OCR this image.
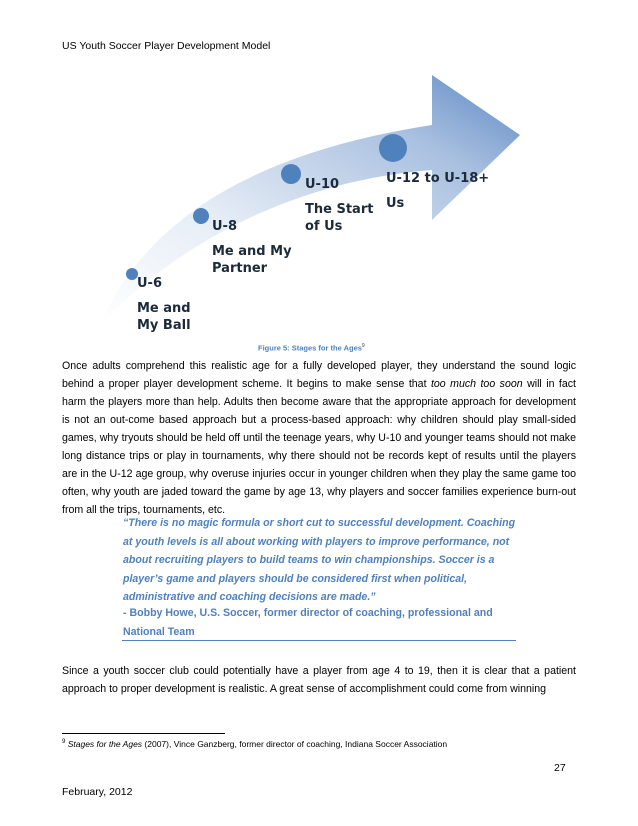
US Youth Soccer Player Development Model
U-6
Me and
My Ball
U-8
Me and My
Partner
U-10
The Start
of Us
U-12 to U-18+
Us
Figure 5: Stages for the Ages$^9$
Once adults comprehend this realistic age for a fully developed player, they understand the sound logic behind a proper player development scheme. It begins to make sense that too much too soon will in fact harm the players more than help. Adults then become aware that the appropriate approach for development is not an out-come based approach but a process-based approach: why children should play small-sided games, why tryouts should be held off until the teenage years, why U-10 and younger teams should not make long distance trips or play in tournaments, why there should not be records kept of results until the players are in the U-12 age group, why overuse injuries occur in younger children when they play the same game too often, why youth are jaded toward the game by age 13, why players and soccer families experience burn-out from all the trips, tournaments, etc.
“There is no magic formula or short cut to successful development. Coaching at youth levels is all about working with players to improve performance, not about recruiting players to build teams to win championships. Soccer is a player’s game and players should be considered first when political, administrative and coaching decisions are made.”
- Bobby Howe, U.S. Soccer, former director of coaching, professional and National Team
Since a youth soccer club could potentially have a player from age 4 to 19, then it is clear that a patient approach to proper development is realistic. A great sense of accomplishment could come from winning
$^9$ Stages for the Ages (2007), Vince Ganzberg, former director of coaching, Indiana Soccer Association
27
February, 2012
